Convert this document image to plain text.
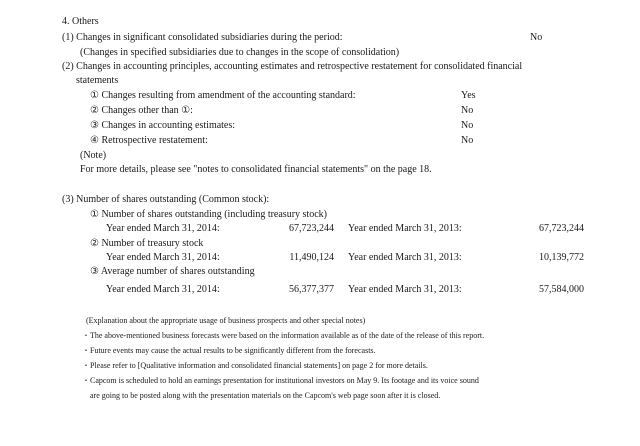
4. Others
(1) Changes in significant consolidated subsidiaries during the period:	No
(Changes in specified subsidiaries due to changes in the scope of consolidation)
(2) Changes in accounting principles, accounting estimates and retrospective restatement for consolidated financial
statements
① Changes resulting from amendment of the accounting standard:	Yes
② Changes other than ①:	No
③ Changes in accounting estimates:	No
④ Retrospective restatement:	No
(Note)
For more details, please see "notes to consolidated financial statements" on the page 18.
(3) Number of shares outstanding (Common stock):
① Number of shares outstanding (including treasury stock)
Year ended March 31, 2014:	67,723,244 Year ended March 31, 2013:	67,723,244
② Number of treasury stock
Year ended March 31, 2014:	11,490,124 Year ended March 31, 2013:	10,139,772
③ Average number of shares outstanding
Year ended March 31, 2014:	56,377,377 Year ended March 31, 2013:	57,584,000
(Explanation about the appropriate usage of business prospects and other special notes)
・The above-mentioned business forecasts were based on the information available as of the date of the release of this report.
・Future events may cause the actual results to be significantly different from the forecasts.
・Please refer to [Qualitative information and consolidated financial statements] on page 2 for more details.
・Capcom is scheduled to hold an earnings presentation for institutional investors on May 9. Its footage and its voice sound
are going to be posted along with the presentation materials on the Capcom's web page soon after it is closed.
